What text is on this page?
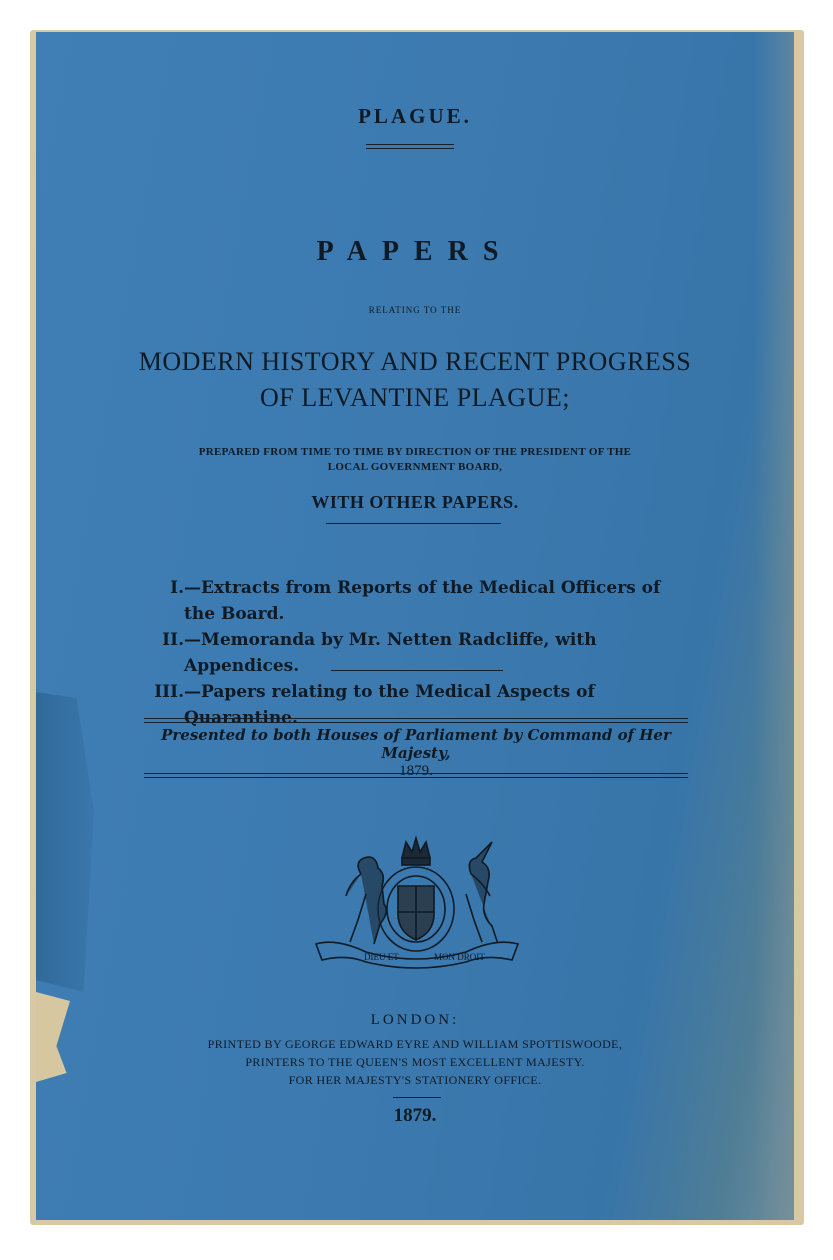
PLAGUE.
PAPERS
RELATING TO THE
MODERN HISTORY AND RECENT PROGRESS
OF LEVANTINE PLAGUE;
PREPARED FROM TIME TO TIME BY DIRECTION OF THE PRESIDENT OF THE
LOCAL GOVERNMENT BOARD,
WITH OTHER PAPERS.
I. —Extracts from Reports of the Medical Officers of the Board.
II. —Memoranda by Mr. Netten Radcliffe, with Appendices.
III. —Papers relating to the Medical Aspects of Quarantine.
Presented to both Houses of Parliament by Command of Her Majesty,
1879.
DIEU ET	MON DROIT
LONDON:
PRINTED BY GEORGE EDWARD EYRE AND WILLIAM SPOTTISWOODE,
PRINTERS TO THE QUEEN'S MOST EXCELLENT MAJESTY.
FOR HER MAJESTY'S STATIONERY OFFICE.
1879.
